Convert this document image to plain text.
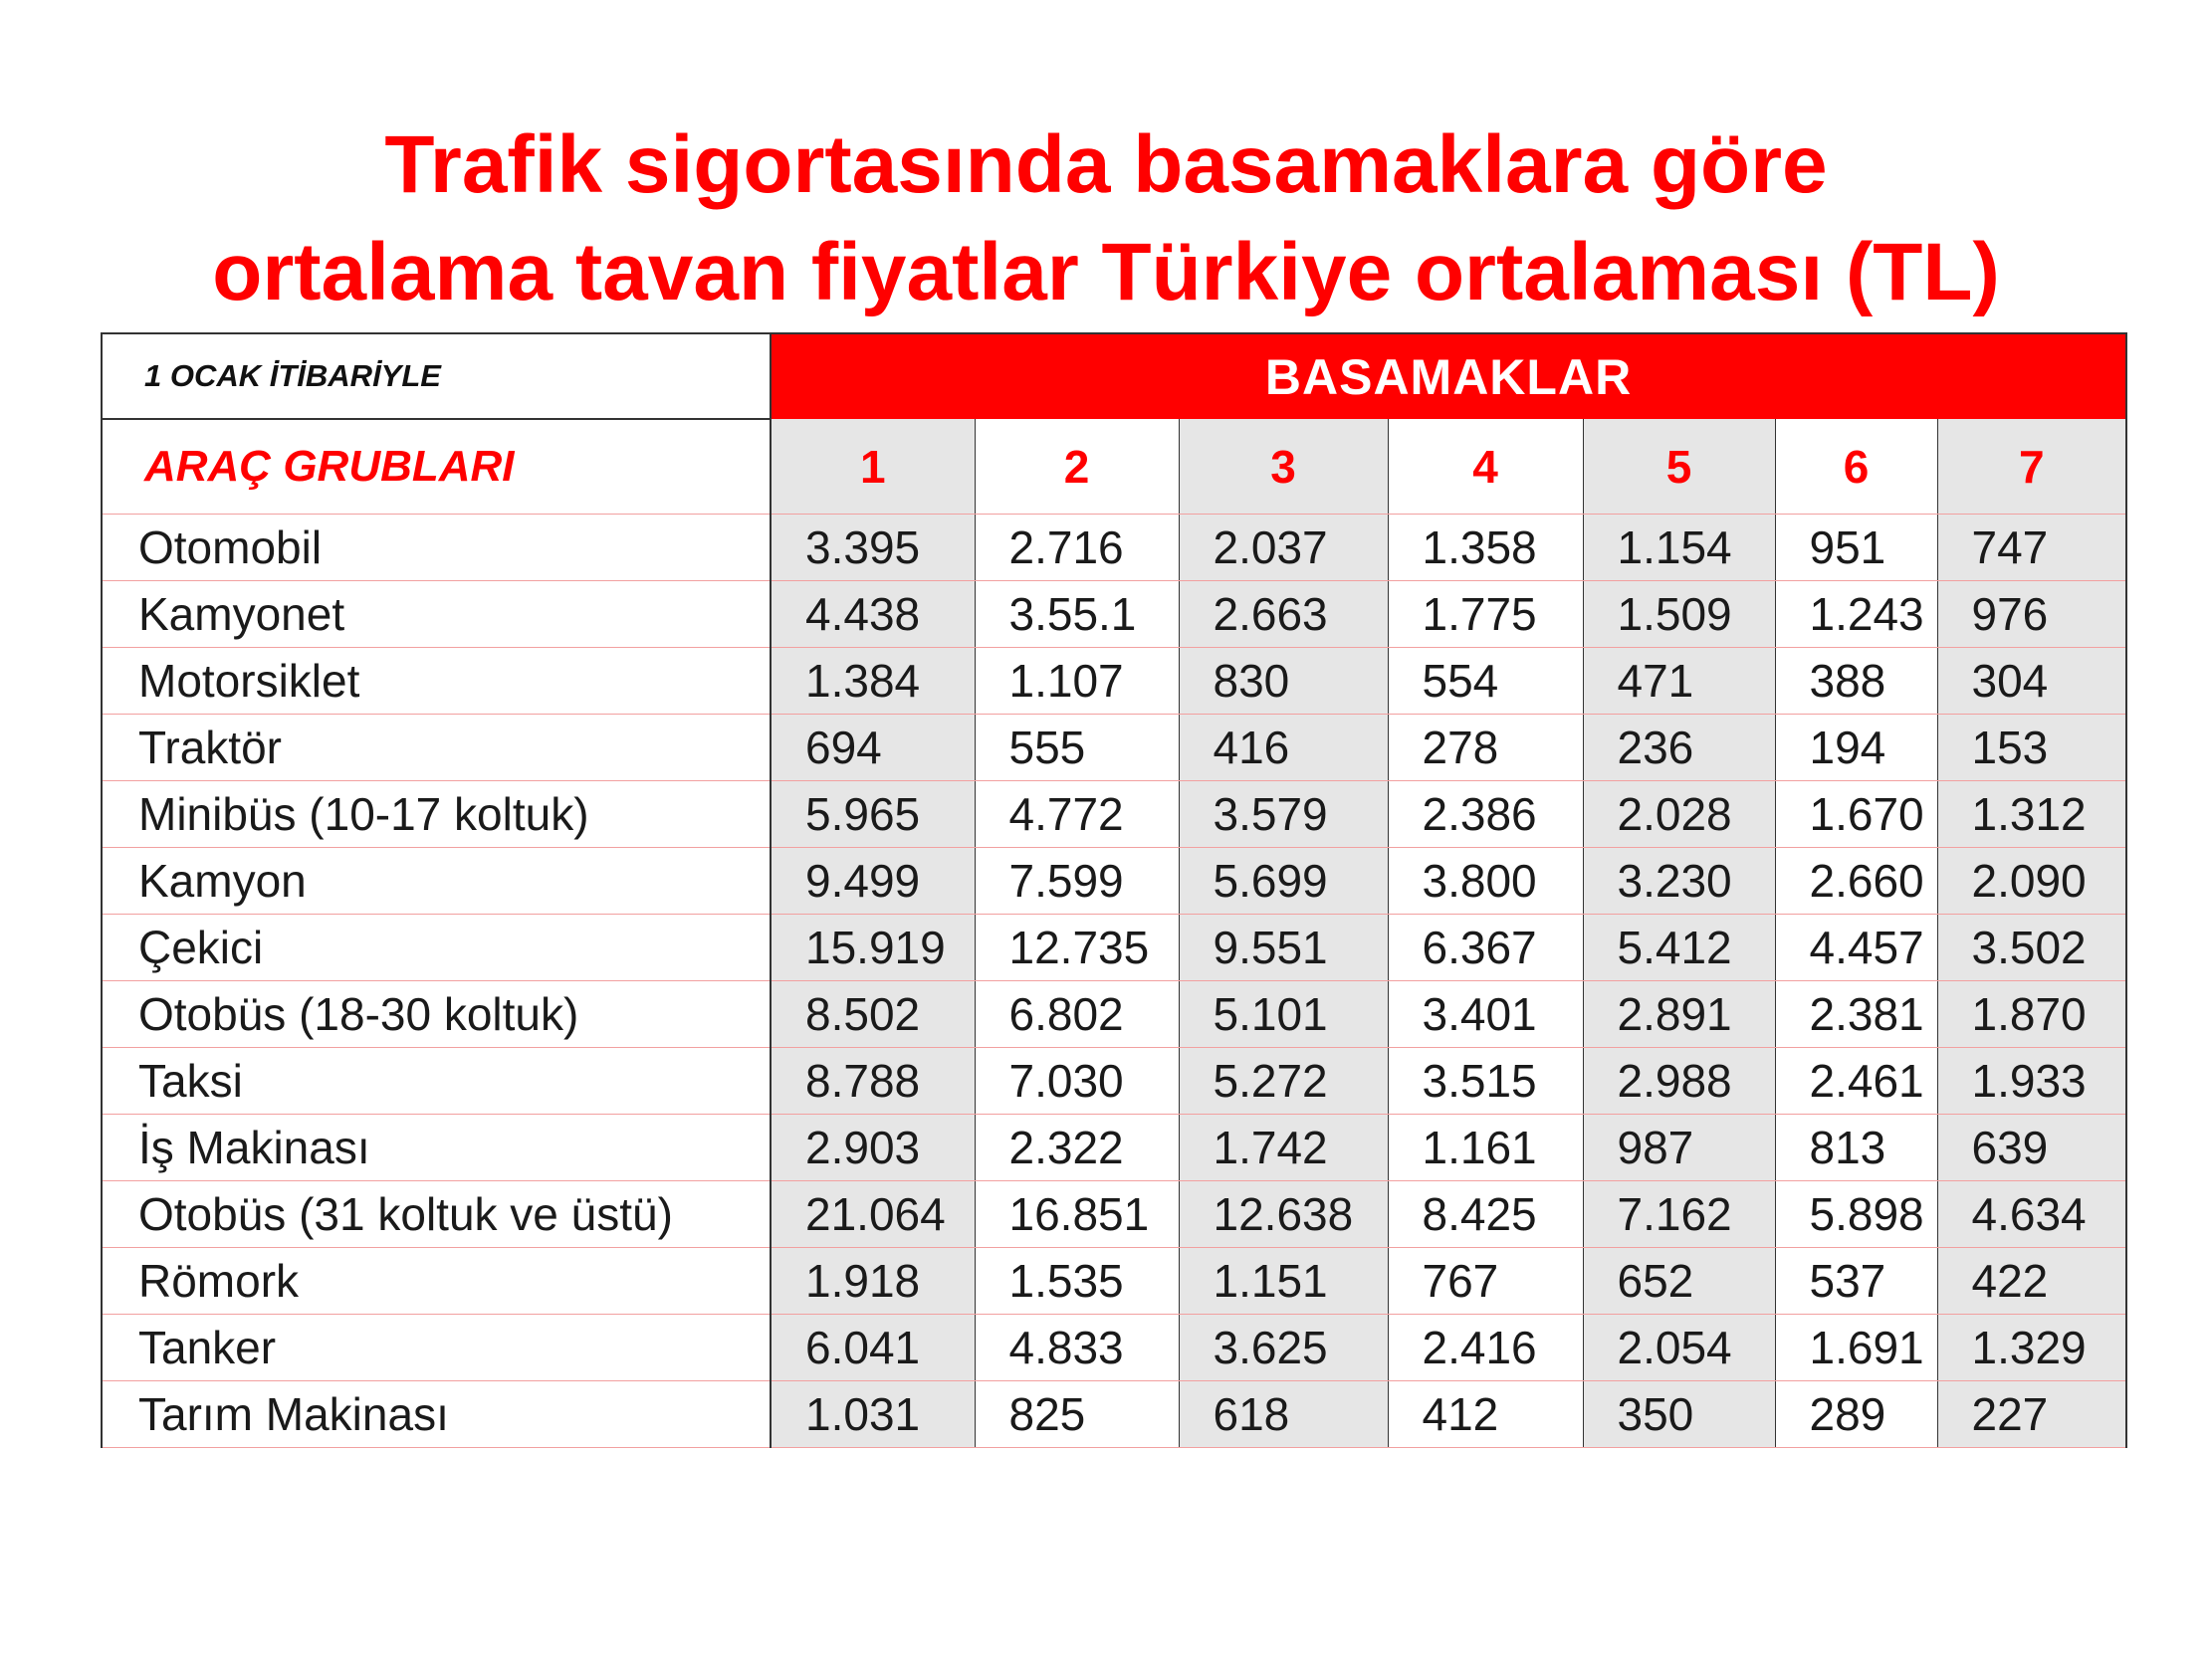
Trafik sigortasında basamaklara göre
ortalama tavan fiyatlar Türkiye ortalaması (TL)
1 OCAK İTİBARİYLE	BASAMAKLAR						
ARAÇ GRUBLARI	1	2	3	4	5	6	7
Otomobil	3.395	2.716	2.037	1.358	1.154	951	747
Kamyonet	4.438	3.55.1	2.663	1.775	1.509	1.243	976
Motorsiklet	1.384	1.107	830	554	471	388	304
Traktör	694	555	416	278	236	194	153
Minibüs (10-17 koltuk)	5.965	4.772	3.579	2.386	2.028	1.670	1.312
Kamyon	9.499	7.599	5.699	3.800	3.230	2.660	2.090
Çekici	15.919	12.735	9.551	6.367	5.412	4.457	3.502
Otobüs (18-30 koltuk)	8.502	6.802	5.101	3.401	2.891	2.381	1.870
Taksi	8.788	7.030	5.272	3.515	2.988	2.461	1.933
İş Makinası	2.903	2.322	1.742	1.161	987	813	639
Otobüs (31 koltuk ve üstü)	21.064	16.851	12.638	8.425	7.162	5.898	4.634
Römork	1.918	1.535	1.151	767	652	537	422
Tanker	6.041	4.833	3.625	2.416	2.054	1.691	1.329
Tarım Makinası	1.031	825	618	412	350	289	227
